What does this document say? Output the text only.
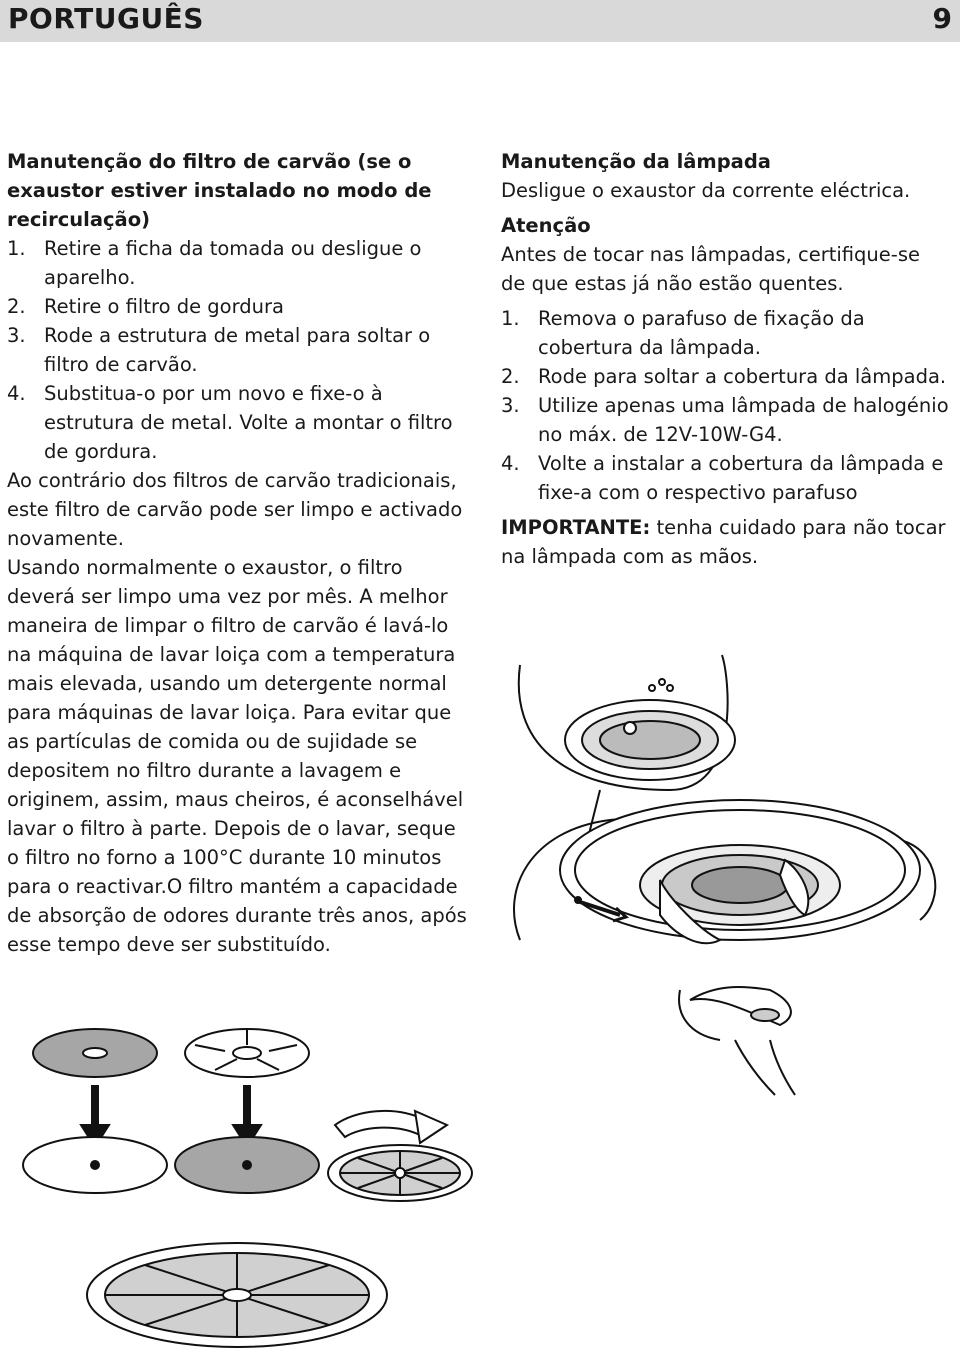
PORTUGUÊS	9

Manutenção do filtro de carvão (se o exaustor estiver instalado no modo de recirculação)

1. Retire a ficha da tomada ou desligue o aparelho.
2. Retire o filtro de gordura
3. Rode a estrutura de metal para soltar o filtro de carvão.
4. Substitua-o por um novo e fixe-o à estrutura de metal. Volte a montar o filtro de gordura.

Ao contrário dos filtros de carvão tradicionais, este filtro de carvão pode ser limpo e activado novamente.

Usando normalmente o exaustor, o filtro deverá ser limpo uma vez por mês. A melhor maneira de limpar o filtro de carvão é lavá-lo na máquina de lavar loiça com a temperatura mais elevada, usando um detergente normal para máquinas de lavar loiça. Para evitar que as partículas de comida ou de sujidade se depositem no filtro durante a lavagem e originem, assim, maus cheiros, é aconselhável lavar o filtro à parte. Depois de o lavar, seque o filtro no forno a 100°C durante 10 minutos para o reactivar.O filtro mantém a capacidade de absorção de odores durante três anos, após esse tempo deve ser substituído.

Manutenção da lâmpada

Desligue o exaustor da corrente eléctrica.

Atenção

Antes de tocar nas lâmpadas, certifique-se de que estas já não estão quentes.

1. Remova o parafuso de fixação da cobertura da lâmpada.
2. Rode para soltar a cobertura da lâmpada.
3. Utilize apenas uma lâmpada de halogénio no máx. de 12V-10W-G4.
4. Volte a instalar a cobertura da lâmpada e fixe-a com o respectivo parafuso

IMPORTANTE: tenha cuidado para não tocar na lâmpada com as mãos.
